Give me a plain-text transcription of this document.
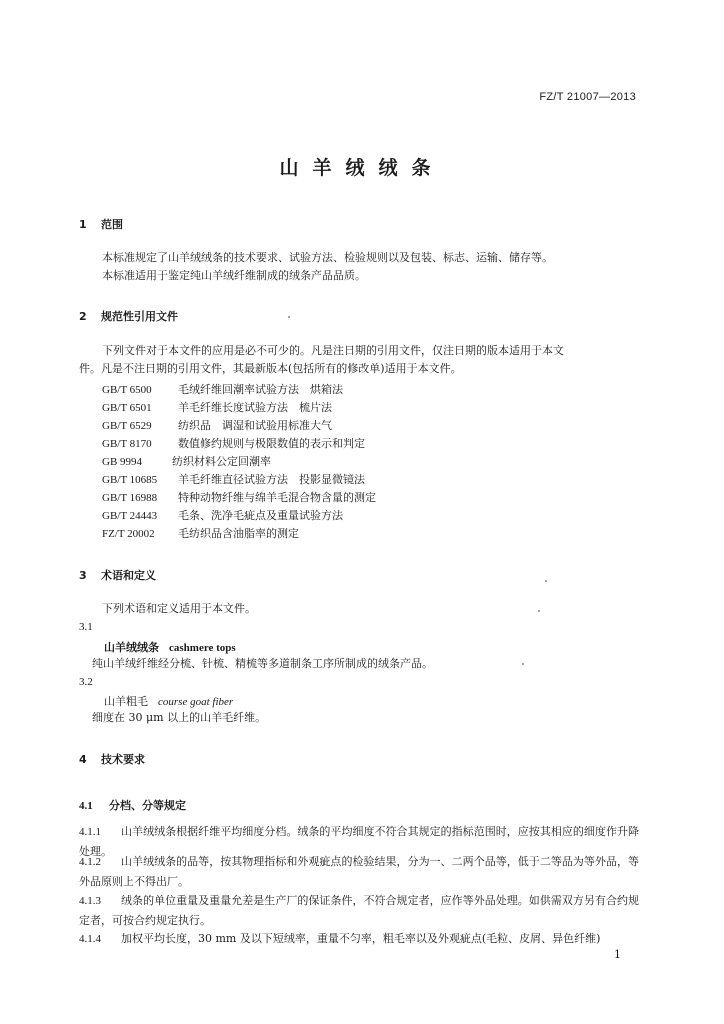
FZ/T 21007—2013
山羊绒绒条
1 范围
本标准规定了山羊绒绒条的技术要求、试验方法、检验规则以及包装、标志、运输、储存等。
本标准适用于鉴定纯山羊绒纤维制成的绒条产品品质。
2 规范性引用文件
下列文件对于本文件的应用是必不可少的。凡是注日期的引用文件，仅注日期的版本适用于本文
件。凡是不注日期的引用文件，其最新版本(包括所有的修改单)适用于本文件。
GB/T 6500 毛绒纤维回潮率试验方法　烘箱法
GB/T 6501 羊毛纤维长度试验方法　梳片法
GB/T 6529 纺织品　调湿和试验用标准大气
GB/T 8170 数值修约规则与极限数值的表示和判定
GB 9994	纺织材料公定回潮率
GB/T 10685 羊毛纤维直径试验方法　投影显微镜法
GB/T 16988 特种动物纤维与绵羊毛混合物含量的测定
GB/T 24443 毛条、洗净毛疵点及重量试验方法
FZ/T 20002 毛纺织品含油脂率的测定
3 术语和定义
下列术语和定义适用于本文件。
3.1
山羊绒绒条 cashmere tops
纯山羊绒纤维经分梳、针梳、精梳等多道制条工序所制成的绒条产品。
3.2
山羊粗毛 course goat fiber
细度在 30 μm 以上的山羊毛纤维。
4 技术要求
4.1 分档、分等规定
4.1.1 山羊绒绒条根据纤维平均细度分档。绒条的平均细度不符合其规定的指标范围时，应按其相应的细度作升降处理。
4.1.2 山羊绒绒条的品等，按其物理指标和外观疵点的检验结果，分为一、二两个品等，低于二等品为等外品，等外品原则上不得出厂。
4.1.3 绒条的单位重量及重量允差是生产厂的保证条件，不符合规定者，应作等外品处理。如供需双方另有合约规定者，可按合约规定执行。
4.1.4 加权平均长度，30 mm 及以下短绒率，重量不匀率，粗毛率以及外观疵点(毛粒、皮屑、异色纤维)
1
